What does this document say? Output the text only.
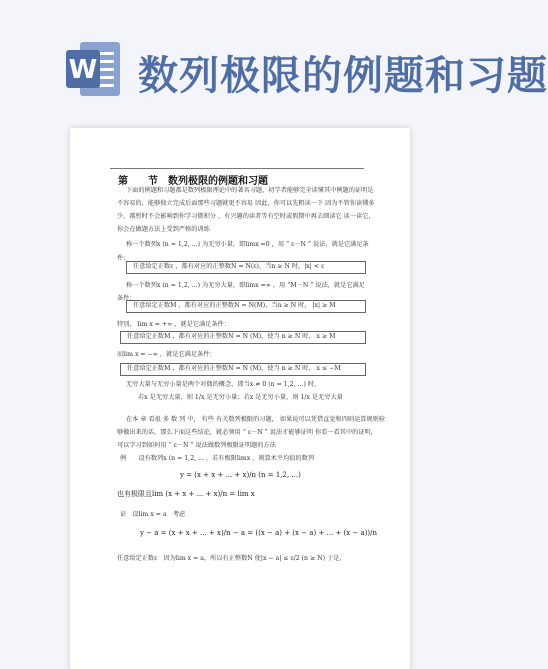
W 数列极限的例题和习题
第　　节　数列极限的例题和习题
下面的例题和习题都是数列极限理论中的著名习题，初学者能够完全读懂其中例题的证明是
不容易的，能够独立完成后面那些习题就更不容易 因此，你可以先粗读一下 因为不管你读懂多
少，都暂时不会影响到你学习微积分 ，有兴趣的读者等有空时或假期中再去细读它 读一读它，
你会在做题方法上受到严格的训练
称一个数列x (n = 1,2, ...) 为无穷小量，即limx =0 ，用 “ ε－N ” 说法，就是它满足条
件：
任意给定正数ε ，都有对应的正整数N = N(ε)，当n ≥ N 时，|x| < ε
称一个数列x (n = 1,2, ...) 为无穷大量，即limx =∞ ，用 “M－N ” 说法，就是它满足
条件：
任意给定正数M ，都有对应的正整数N = N(M)，当n ≥ N 时， |x| ≥ M
特别， lim x = +∞ ，就是它满足条件：
任意给定正数M ，都有对应的正整数N = N (M)，使当 n ≥ N 时， x ≥ M
而lim x = −∞ ，就是它满足条件：
任意给定正数M ，都有对应的正整数N = N (M)，使当 n ≥ N 时， x ≤ −M
无穷大量与无穷小量是两个对偶的概念，即当x ≠ 0 (n = 1,2, ...) 时，
若x 是无穷大量，则 1/x 是无穷小量；若x 是无穷小量，则 1/x 是无穷大量
在本 章 看很 多 数 列 中， 有些 有关数列极限的习题， 如果说可以凭借直觉和四则运算规则验
够做出来的话，那么下面这些结论，就必须用 “ ε－N ” 说法才能够证明 你看一看其中的证明，
可以学习到如何用 “ ε－N ” 说法做数列极限证明题的方法
例　　设有数列x (n = 1,2, ... ，若有极限limx ，则算术平均值的数列
y = (x + x + ... + x)/n (n = 1,2, ...)
也有极限且lim (x + x + ... + x)/n = lim x
证　设lim x = a　考虑
y − a = (x + x + ... + x)/n − a = ((x − a) + (x − a) + ... + (x − a))/n
任意给定正数ε　因为lim x = a，所以有正整数N 使|x − a| ≤ ε/2 (n ≥ N) 于是，
